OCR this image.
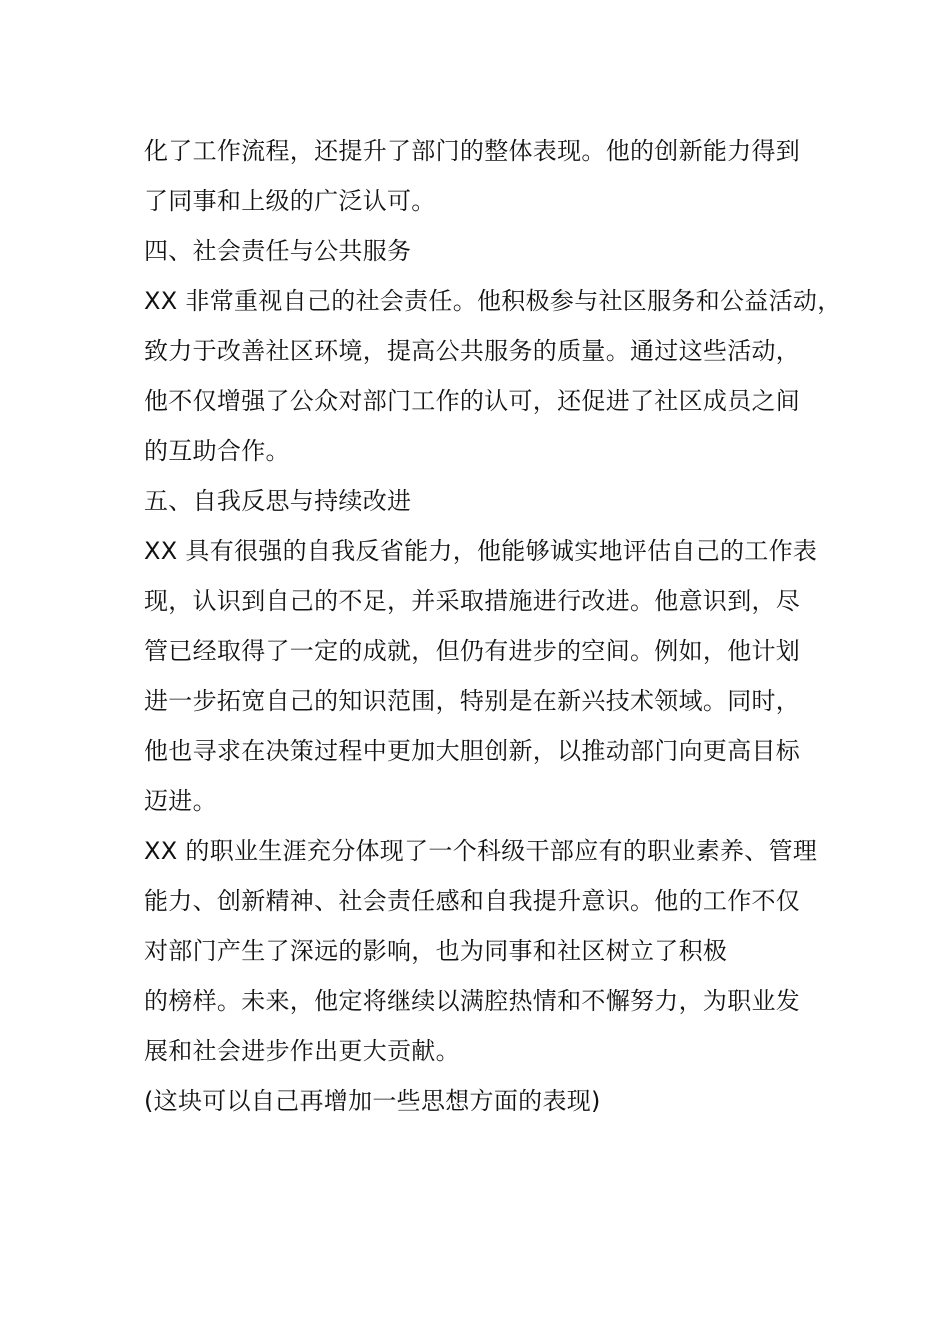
化了工作流程，还提升了部门的整体表现。他的创新能力得到
了同事和上级的广泛认可。
四、社会责任与公共服务
XX 非常重视自己的社会责任。他积极参与社区服务和公益活动，
致力于改善社区环境，提高公共服务的质量。通过这些活动，
他不仅增强了公众对部门工作的认可，还促进了社区成员之间
的互助合作。
五、自我反思与持续改进
XX 具有很强的自我反省能力，他能够诚实地评估自己的工作表
现，认识到自己的不足，并采取措施进行改进。他意识到，尽
管已经取得了一定的成就，但仍有进步的空间。例如，他计划
进一步拓宽自己的知识范围，特别是在新兴技术领域。同时，
他也寻求在决策过程中更加大胆创新，以推动部门向更高目标
迈进。
XX 的职业生涯充分体现了一个科级干部应有的职业素养、管理
能力、创新精神、社会责任感和自我提升意识。他的工作不仅
对部门产生了深远的影响，也为同事和社区树立了积极
的榜样。未来，他定将继续以满腔热情和不懈努力，为职业发
展和社会进步作出更大贡献。
(这块可以自己再增加一些思想方面的表现)
